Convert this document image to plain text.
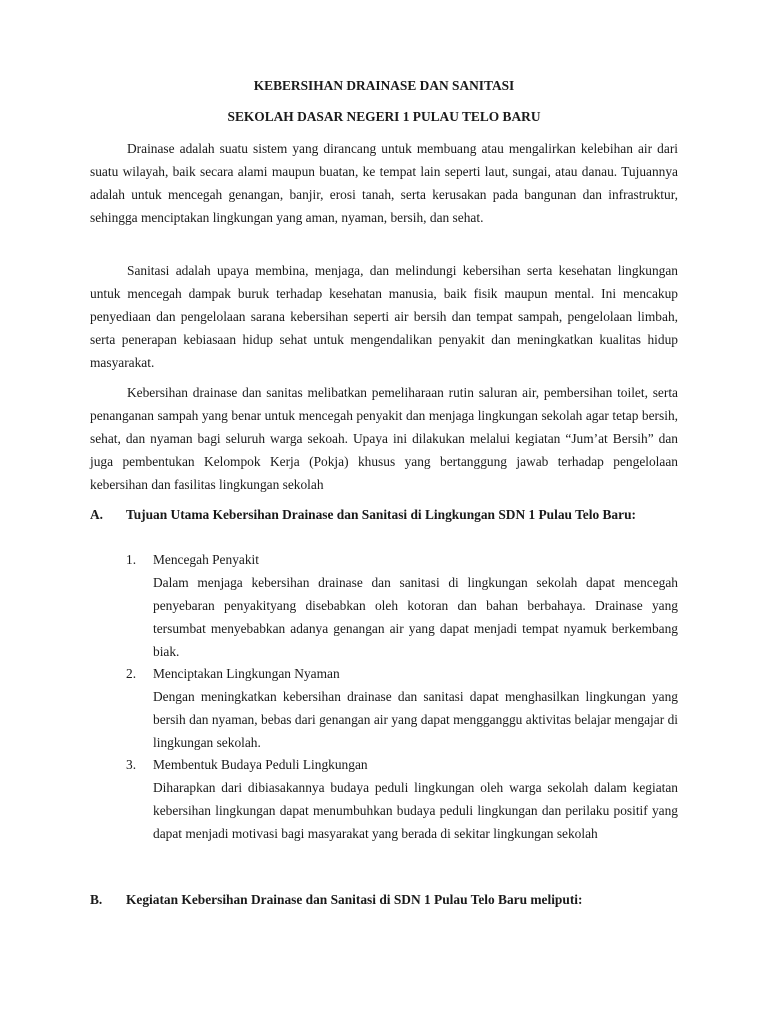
KEBERSIHAN DRAINASE DAN SANITASI
SEKOLAH DASAR NEGERI 1 PULAU TELO BARU

Drainase adalah suatu sistem yang dirancang untuk membuang atau mengalirkan kelebihan air dari suatu wilayah, baik secara alami maupun buatan, ke tempat lain seperti laut, sungai, atau danau. Tujuannya adalah untuk mencegah genangan, banjir, erosi tanah, serta kerusakan pada bangunan dan infrastruktur, sehingga menciptakan lingkungan yang aman, nyaman, bersih, dan sehat.

Sanitasi adalah upaya membina, menjaga, dan melindungi kebersihan serta kesehatan lingkungan untuk mencegah dampak buruk terhadap kesehatan manusia, baik fisik maupun mental. Ini mencakup penyediaan dan pengelolaan sarana kebersihan seperti air bersih dan tempat sampah, pengelolaan limbah, serta penerapan kebiasaan hidup sehat untuk mengendalikan penyakit dan meningkatkan kualitas hidup masyarakat.

Kebersihan drainase dan sanitas melibatkan pemeliharaan rutin saluran air, pembersihan toilet, serta penanganan sampah yang benar untuk mencegah penyakit dan menjaga lingkungan sekolah agar tetap bersih, sehat, dan nyaman bagi seluruh warga sekoah. Upaya ini dilakukan melalui kegiatan “Jum’at Bersih” dan juga pembentukan Kelompok Kerja (Pokja) khusus yang bertanggung jawab terhadap pengelolaan kebersihan dan fasilitas lingkungan sekolah

A. Tujuan Utama Kebersihan Drainase dan Sanitasi di Lingkungan SDN 1 Pulau Telo Baru:

1. Mencegah Penyakit

Dalam menjaga kebersihan drainase dan sanitasi di lingkungan sekolah dapat mencegah penyebaran penyakityang disebabkan oleh kotoran dan bahan berbahaya. Drainase yang tersumbat menyebabkan adanya genangan air yang dapat menjadi tempat nyamuk berkembang biak.

2. Menciptakan Lingkungan Nyaman

Dengan meningkatkan kebersihan drainase dan sanitasi dapat menghasilkan lingkungan yang bersih dan nyaman, bebas dari genangan air yang dapat mengganggu aktivitas belajar mengajar di lingkungan sekolah.

3. Membentuk Budaya Peduli Lingkungan

Diharapkan dari dibiasakannya budaya peduli lingkungan oleh warga sekolah dalam kegiatan kebersihan lingkungan dapat menumbuhkan budaya peduli lingkungan dan perilaku positif yang dapat menjadi motivasi bagi masyarakat yang berada di sekitar lingkungan sekolah

B. Kegiatan Kebersihan Drainase dan Sanitasi di SDN 1 Pulau Telo Baru meliputi:
